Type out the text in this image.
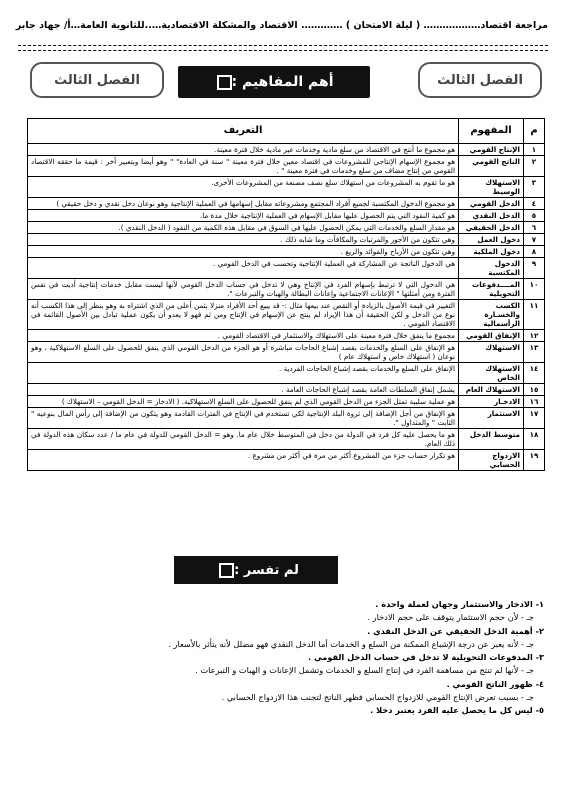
مراجعة اقتصاد……………… ( ليلة الامتحان ) …………. الاقتصاد والمشكلة الاقتصادية…..للثانوية العامة…أ/ جهاد جابر
الفصل الثالث	أهم المفاهيم :	الفصل الثالث
م	المفهوم	التعريف
١	الإنتاج القومي	هو مجموع ما أنتج في الاقتصاد من سلع مادية وخدمات غير مادية خلال فترة معينة.
٢	الناتج القومي	هو مجموع الإسهام الإنتاجي للمشروعات في اقتصاد معين خلال فترة معينة " سنة في العادة" " وهو أيضا وبتعبير آخر : قيمة ما حققه الاقتصاد القومي من إنتاج مضاف من سلع وخدمات في فترة معينة " .
٣	الاستهلاك الوسيط	هو ما تقوم به المشروعات من استهلاك سلع نصف مصنعة من المشروعات الأخرى.
٤	الدخل القومي	هو مجموع الدخول المكتسبة لجميع أفراد المجتمع ومشروعاته مقابل إسهامها في العملية الإنتاجية وهو نوعان دخل نقدي و دخل حقيقي )
٥	الدخل النقدي	هو كمية النقود التي يتم الحصول عليها مقابل الإسهام في العملية الإنتاجية خلال مدة ما.
٦	الدخل الحقيقي	هو مقدار السلع والخدمات التي يمكن الحصول عليها في السوق في مقابل هذه الكمية من النقود ( الدخل النقدي ).
٧	دخول العمل	وهي تتكون من الأجور والمرتبات والمكافآت وما شابه ذلك .
٨	دخول الملكية	وهي تتكون من الأرباح والفوائد والريع .
٩	الدخول المكتسبة	هي الدخول الناتجة عن المشاركة في العملية الإنتاجية وتحسب في الدخل القومي .
١٠	المــــدفوعات التحويلية	هي الدخول التي لا ترتبط بإسهام الفرد في الإنتاج وهي لا تدخل في حساب الدخل القومي لأنها ليست مقابل خدمات إنتاجية أديت في نفس الفترة ومن أمثلتها " الإعانات الاجتماعية وإعانات البطالة والهبات والتبرعات ".
١١	الكسب والخسـارة الرأسمالية	التغيير في قيمة الأصول بالزيادة أو النقص عند بيعها مثال :- قد يبيع أحد الأفراد منزلا بثمن أعلى من الذي اشتراه به وهو بنظر إلى هذا الكسب أنه نوع من الدخل و لكن الحقيقة أن هذا الإيراد لم ينتج عن الإسهام في الإنتاج ومن ثم فهو لا يعدو أن يكون عملية تبادل بين الأصول القائمة في الاقتصاد القومي .
١٢	الإنفاق القومي	مجموع ما ينفق خلال فترة معينة على الاستهلاك والاستثمار في الاقتصاد القومي .
١٣	الاستهلاك	هو الإنفاق على السلع والخدمات بقصد إشباع الحاجات مباشرة أو هو الجزء من الدخل القومي الذي ينفق للحصول على السلع الاستهلاكية ، وهو نوعان ( استهلاك خاص و استهلاك عام )
١٤	الاستهلاك الخاص	الإنفاق على السلع والخدمات بقصد إشباع الحاجات الفردية .
١٥	الاستهلاك العام	يشمل إنفاق السلطات العامة بقصد إشباع الحاجات العامة .
١٦	الادخـار	هو عملية سلبية تمثل الجزء من الدخل القومي الذي لم ينفق للحصول على السلع الاستهلاكية. ( الادخار = الدخل القومي – الاستهلاك )
١٧	الاستثمار	هو الإنفاق من أجل الإضافة إلى ثروة البلد الإنتاجية لكي تستخدم في الإنتاج في الفترات القادمة وهو يتكون من الإضافة إلى رأس المال بنوعيه " الثابت " والمتداول ".
١٨	متوسط الدخل	هو ما يحصل عليه كل فرد في الدولة من دخل في المتوسط خلال عام ما. وهو = الدخل القومي للدولة في عام ما / عدد سكان هذه الدولة في ذلك العام.
١٩	الازدواج الحسابي	هو تكرار حساب جزء من المشروع أكثر من مرة في أكثر من مشروع .
لم تفسر :

١- الادخار والاستثمار وجهان لعملة واحدة .

جـ - لأن حجم الاستثمار يتوقف على حجم الادخار .

٢- أهمية الدخل الحقيقي عن الدخل النقدي .

جـ - لأنه يعبر عن درجة الإشباع الممكنة من السلع و الخدمات أما الدخل النقدي فهو مضلل لأنه يتأثر بالأسعار .

٣- المدفوعات التحويلية لا تدخل في حساب الدخل القومي .

جـ - لأنها لم تنتج من مساهمة الفرد في إنتاج السلع و الخدمات وتشمل الإعانات و الهبات و التبرعات .

٤- ظهور الناتج القومي .

جـ - بسبب تعرض الإنتاج القومي للازدواج الحسابي فظهر الناتج لتجنب هذا الازدواج الحسابي .

٥- ليس كل ما يحصل عليه الفرد يعتبر دخلا .
